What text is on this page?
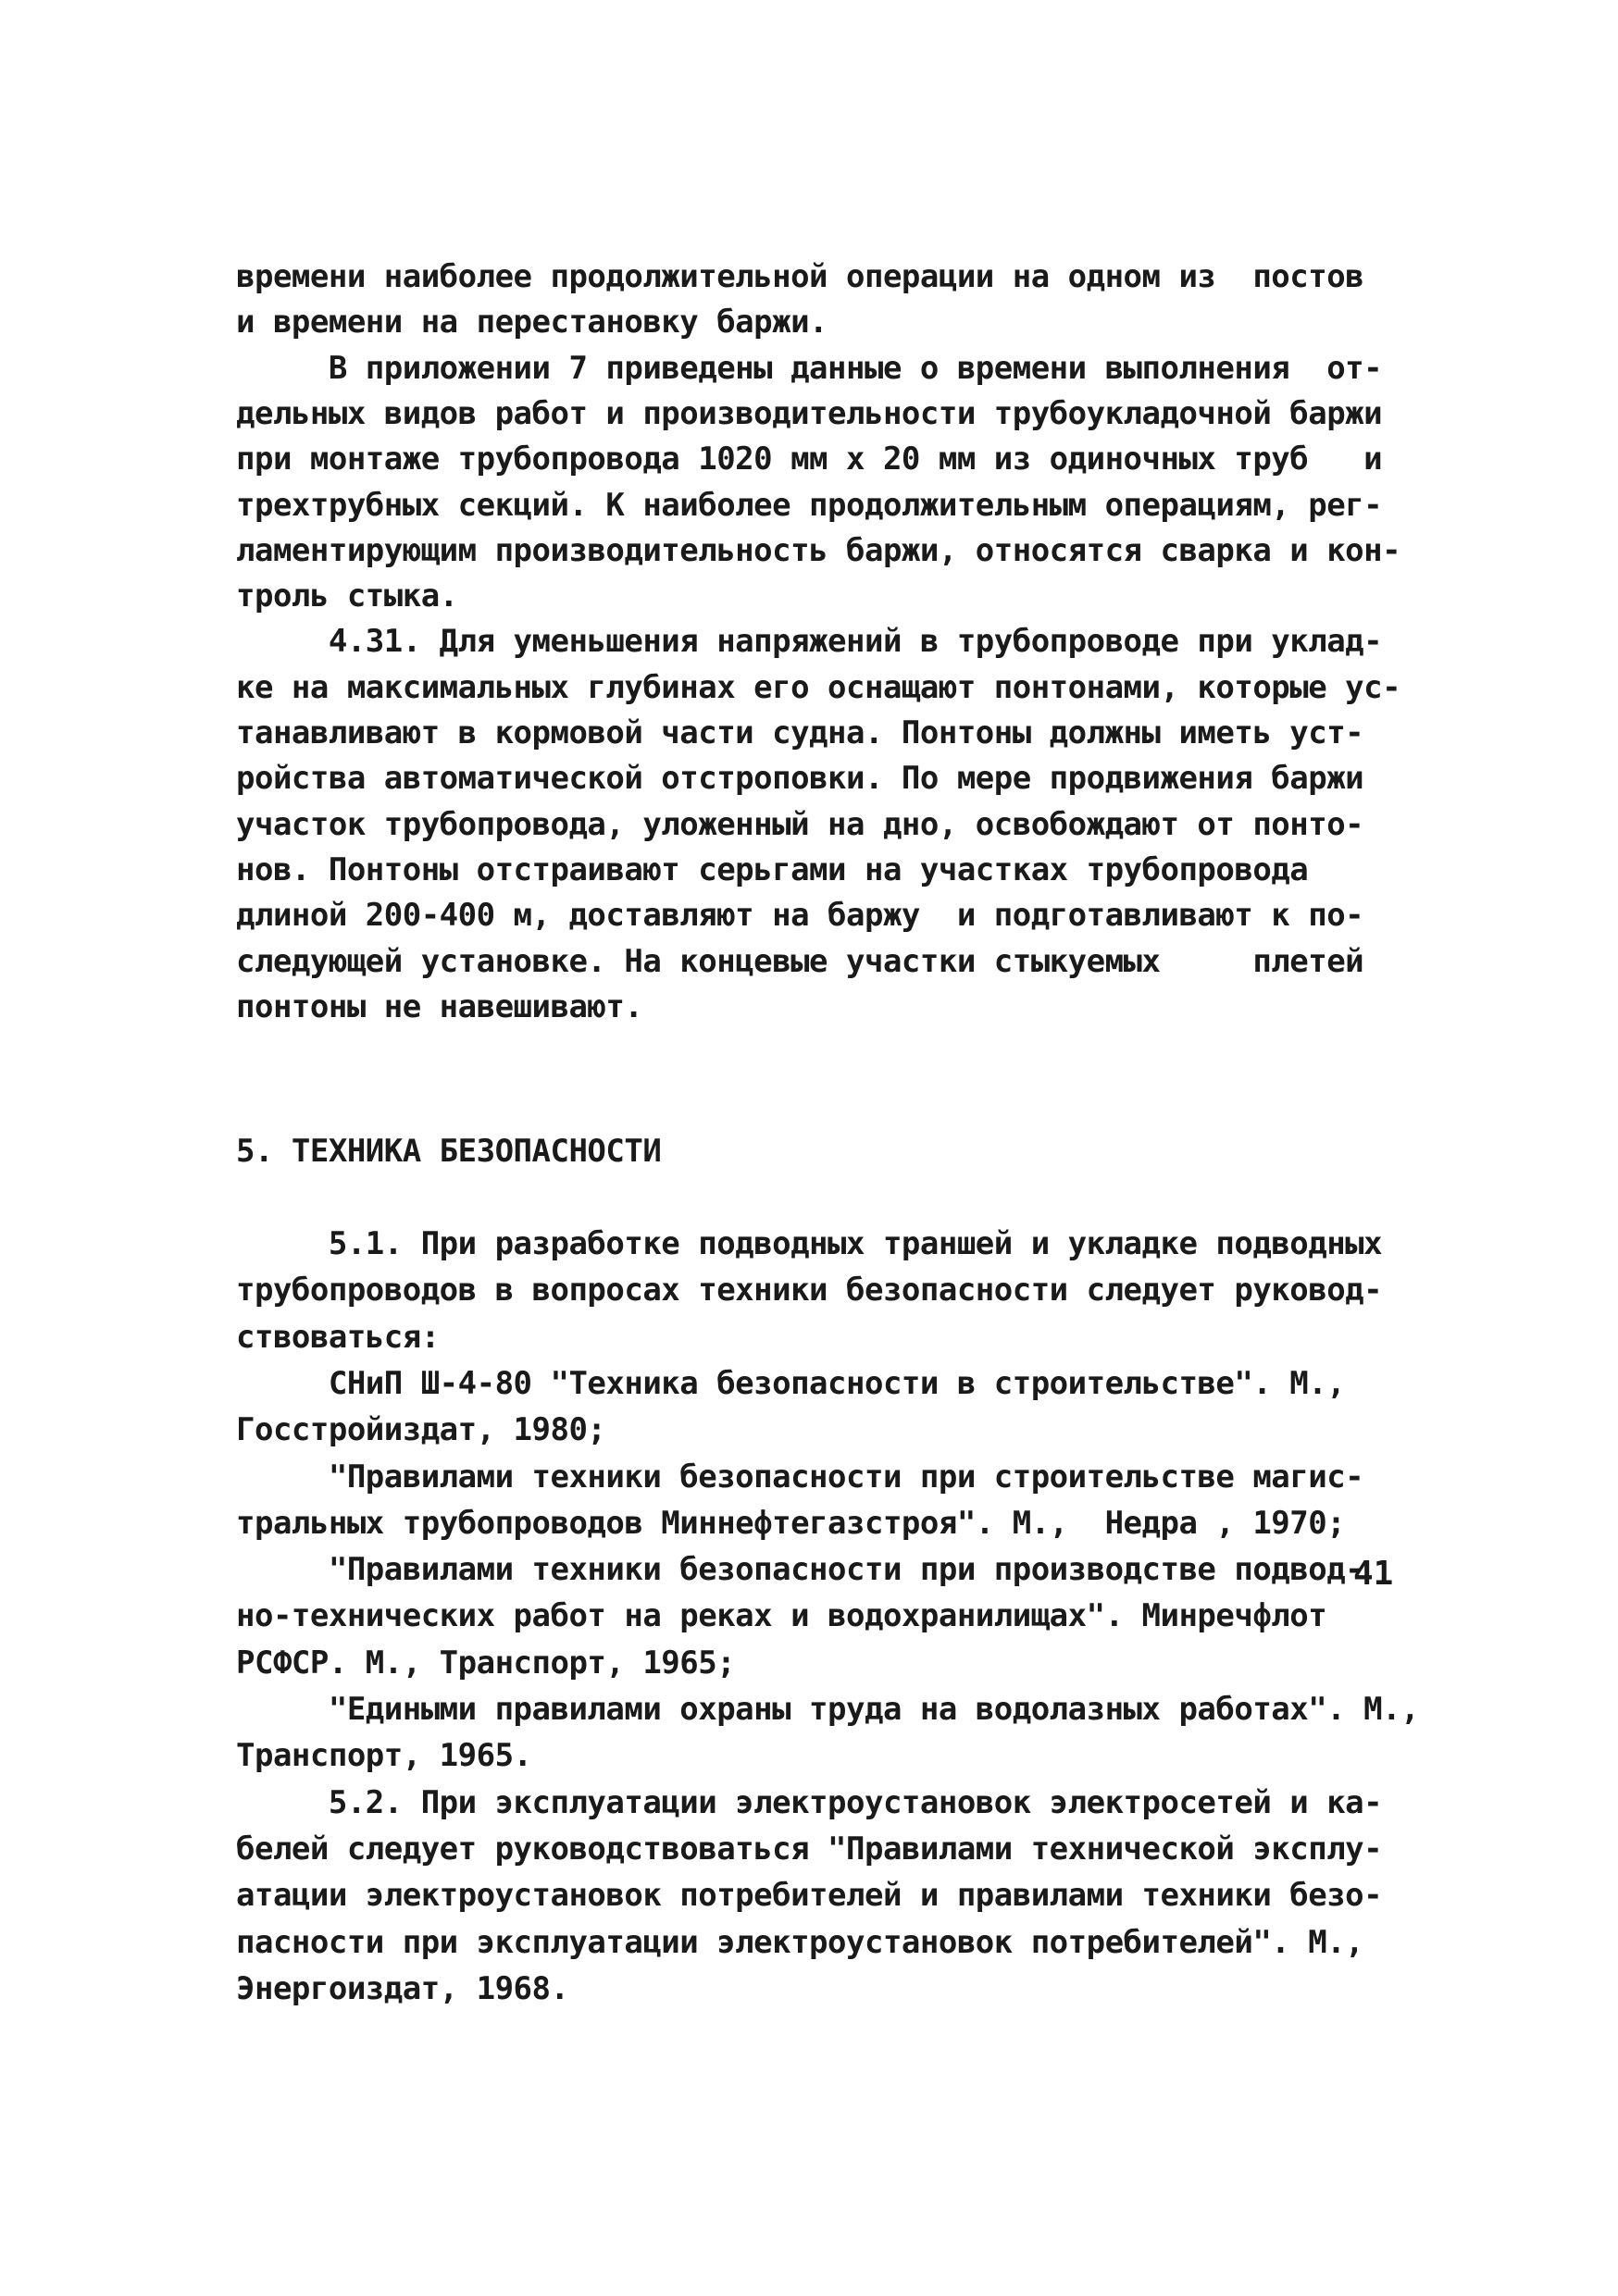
времени наиболее продолжительной операции на одном из  постов
и времени на перестановку баржи.
В приложении 7 приведены данные о времени выполнения  от-
дельных видов работ и производительности трубоукладочной баржи
при монтаже трубопровода 1020 мм х 20 мм из одиночных труб   и
трехтрубных секций. К наиболее продолжительным операциям, рег-
ламентирующим производительность баржи, относятся сварка и кон-
троль стыка.
4.31. Для уменьшения напряжений в трубопроводе при уклад-
ке на максимальных глубинах его оснащают понтонами, которые ус-
танавливают в кормовой части судна. Понтоны должны иметь уст-
ройства автоматической отстроповки. По мере продвижения баржи
участок трубопровода, уложенный на дно, освобождают от понто-
нов. Понтоны отстраивают серьгами на участках трубопровода
длиной 200-400 м, доставляют на баржу  и подготавливают к по-
следующей установке. На концевые участки стыкуемых     плетей
понтоны не навешивают.
5. ТЕХНИКА БЕЗОПАСНОСТИ
5.1. При разработке подводных траншей и укладке подводных
трубопроводов в вопросах техники безопасности следует руковод-
ствоваться:
СНиП Ш-4-80 "Техника безопасности в строительстве". М.,
Госстройиздат, 1980;
"Правилами техники безопасности при строительстве магис-
тральных трубопроводов Миннефтегазстроя". М.,  Недра , 1970;
"Правилами техники безопасности при производстве подвод-
но-технических работ на реках и водохранилищах". Минречфлот
РСФСР. М., Транспорт, 1965;
"Едиными правилами охраны труда на водолазных работах". М.,
Транспорт, 1965.
5.2. При эксплуатации электроустановок электросетей и ка-
белей следует руководствоваться "Правилами технической эксплу-
атации электроустановок потребителей и правилами техники безо-
пасности при эксплуатации электроустановок потребителей". М.,
Энергоиздат, 1968.
41
